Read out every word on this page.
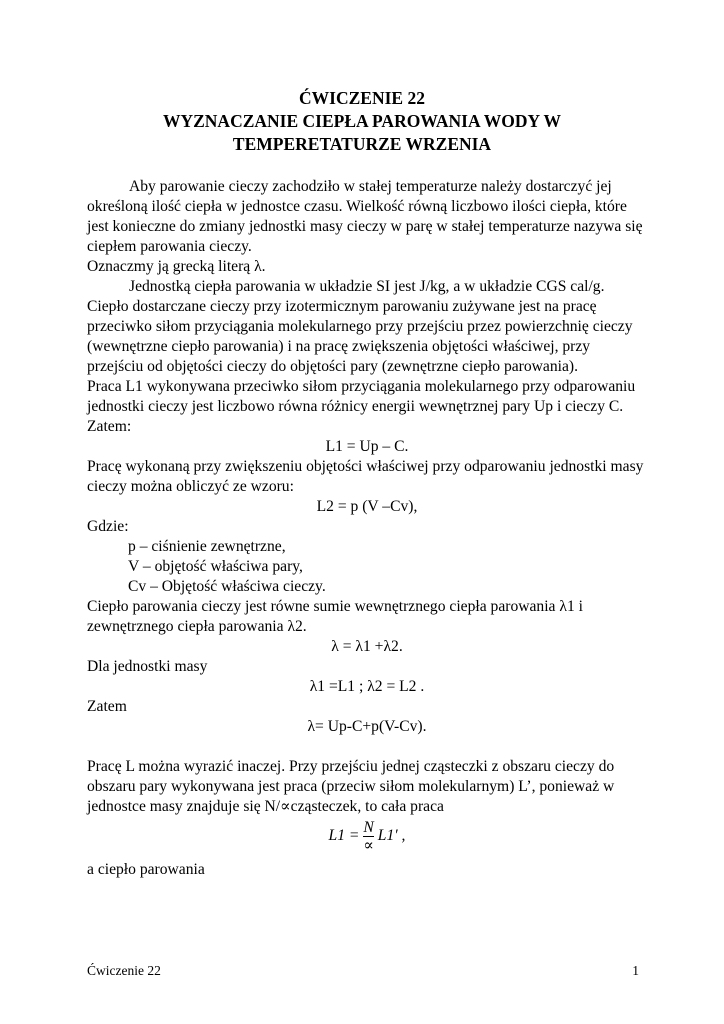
ĆWICZENIE 22

WYZNACZANIE CIEPŁA PAROWANIA WODY W

TEMPERETATURZE WRZENIA

Aby parowanie cieczy zachodziło w stałej temperaturze należy dostarczyć jej określoną ilość ciepła w jednostce czasu. Wielkość równą liczbowo ilości ciepła, które jest konieczne do zmiany jednostki masy cieczy w parę w stałej temperaturze nazywa się ciepłem parowania cieczy.

Oznaczmy ją grecką literą λ.

Jednostką ciepła parowania w układzie SI jest J/kg, a w układzie CGS cal/g. Ciepło dostarczane cieczy przy izotermicznym parowaniu zużywane jest na pracę przeciwko siłom przyciągania molekularnego przy przejściu przez powierzchnię cieczy (wewnętrzne ciepło parowania) i na pracę zwiększenia objętości właściwej, przy przejściu od objętości cieczy do objętości pary (zewnętrzne ciepło parowania).

Praca L1 wykonywana przeciwko siłom przyciągania molekularnego przy odparowaniu jednostki cieczy jest liczbowo równa różnicy energii wewnętrznej pary Up i cieczy C.

Zatem:

L1 = Up – C.

Pracę wykonaną przy zwiększeniu objętości właściwej przy odparowaniu jednostki masy cieczy można obliczyć ze wzoru:

L2 = p (V –Cv),

Gdzie:

p – ciśnienie zewnętrzne,

V – objętość właściwa pary,

Cv – Objętość właściwa cieczy.

Ciepło parowania cieczy jest równe sumie wewnętrznego ciepła parowania λ1 i zewnętrznego ciepła parowania λ2.

λ = λ1 +λ2.

Dla jednostki masy

λ1 =L1 ; λ2 = L2 .

Zatem

λ= Up-C+p(V-Cv).

Pracę L można wyrazić inaczej. Przy przejściu jednej cząsteczki z obszaru cieczy do obszaru pary wykonywana jest praca (przeciw siłom molekularnym) L’, ponieważ w jednostce masy znajduje się N/∝cząsteczek, to cała praca

$L1 = \frac{N}{\propto} L1'$ ,

a ciepło parowania

Ćwiczenie 22	1
